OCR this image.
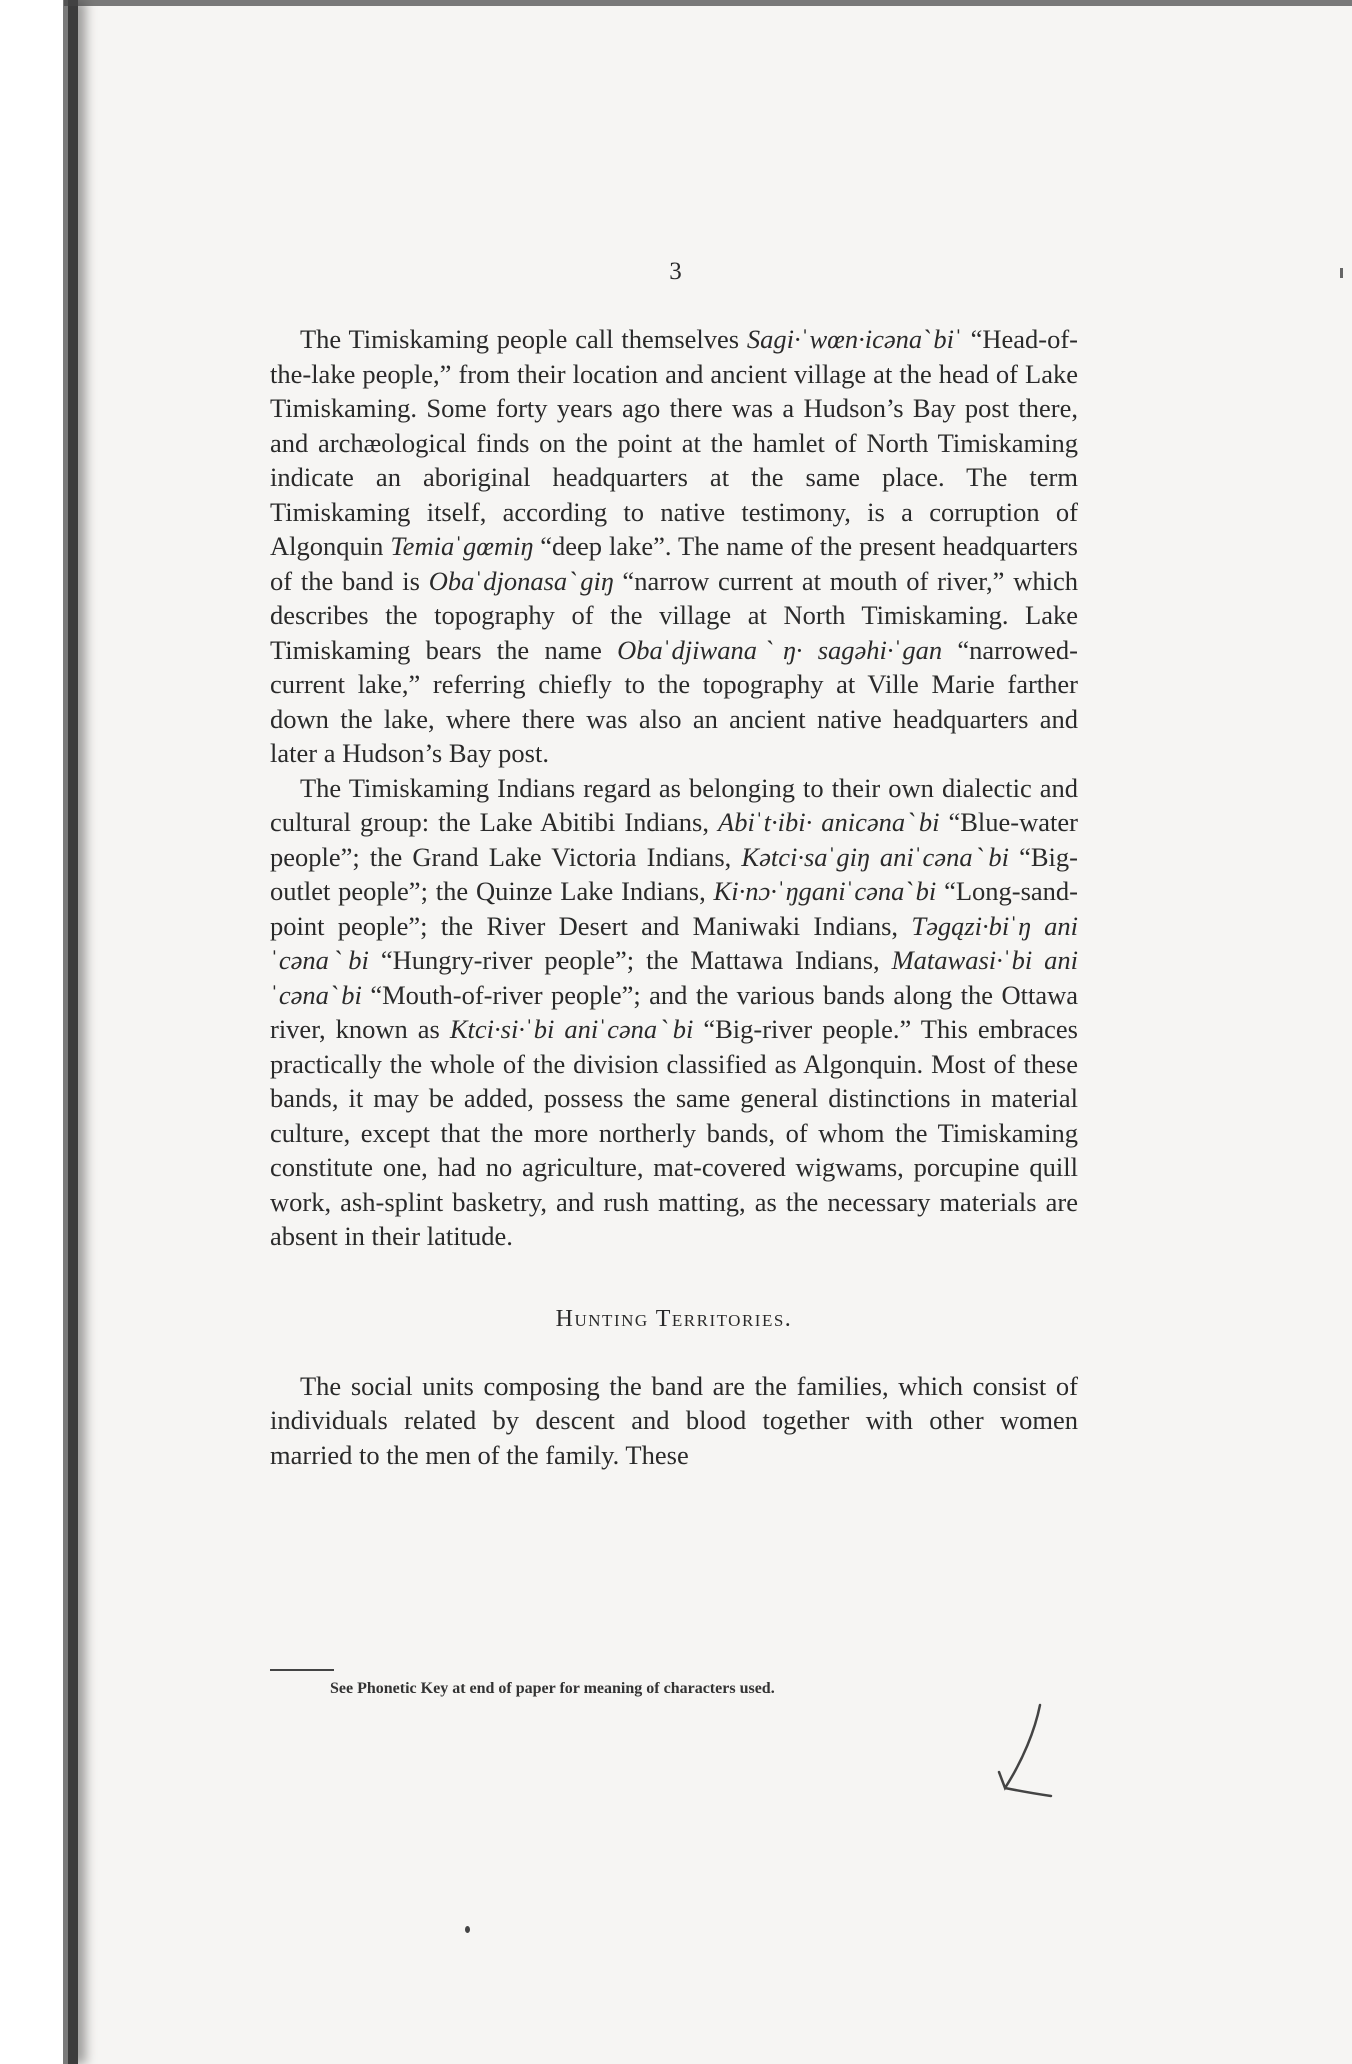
3

The Timiskaming people call themselves Sagi·ˈwœn·icənaˋbiˈ “Head-of-the-lake people,” from their location and ancient village at the head of Lake Timiskaming. Some forty years ago there was a Hudson’s Bay post there, and archæological finds on the point at the hamlet of North Timiskaming indicate an aboriginal headquarters at the same place. The term Timiskaming itself, according to native testimony, is a corruption of Algonquin Temiaˈgœmiŋ “deep lake”. The name of the present headquarters of the band is Obaˈdjonasaˋgiŋ “narrow current at mouth of river,” which describes the topography of the village at North Timiskaming. Lake Timiskaming bears the name Obaˈdjiwanaˋŋ· sagəhi·ˈgan “narrowed-current lake,” referring chiefly to the topography at Ville Marie farther down the lake, where there was also an ancient native headquarters and later a Hudson’s Bay post.

The Timiskaming Indians regard as belonging to their own dialectic and cultural group: the Lake Abitibi Indians, Abiˈt·ibi· anicənaˋbi “Blue-water people”; the Grand Lake Victoria Indians, Kətci·saˈgiŋ aniˈcənaˋbi “Big-outlet people”; the Quinze Lake Indians, Ki·nɔ·ˈŋganiˈcənaˋbi “Long-sand-point people”; the River Desert and Maniwaki Indians, Təgązi·biˈŋ aniˈcənaˋbi “Hungry-river people”; the Mattawa Indians, Matawasi·ˈbi aniˈcənaˋbi “Mouth-of-river people”; and the various bands along the Ottawa river, known as Ktci·si·ˈbi aniˈcənaˋbi “Big-river people.” This embraces practically the whole of the division classified as Algonquin. Most of these bands, it may be added, possess the same general distinctions in material culture, except that the more northerly bands, of whom the Timiskaming constitute one, had no agriculture, mat-covered wigwams, porcupine quill work, ash-splint basketry, and rush matting, as the necessary materials are absent in their latitude.

Hunting Territories.

The social units composing the band are the families, which consist of individuals related by descent and blood together with other women married to the men of the family. These

See Phonetic Key at end of paper for meaning of characters used.
